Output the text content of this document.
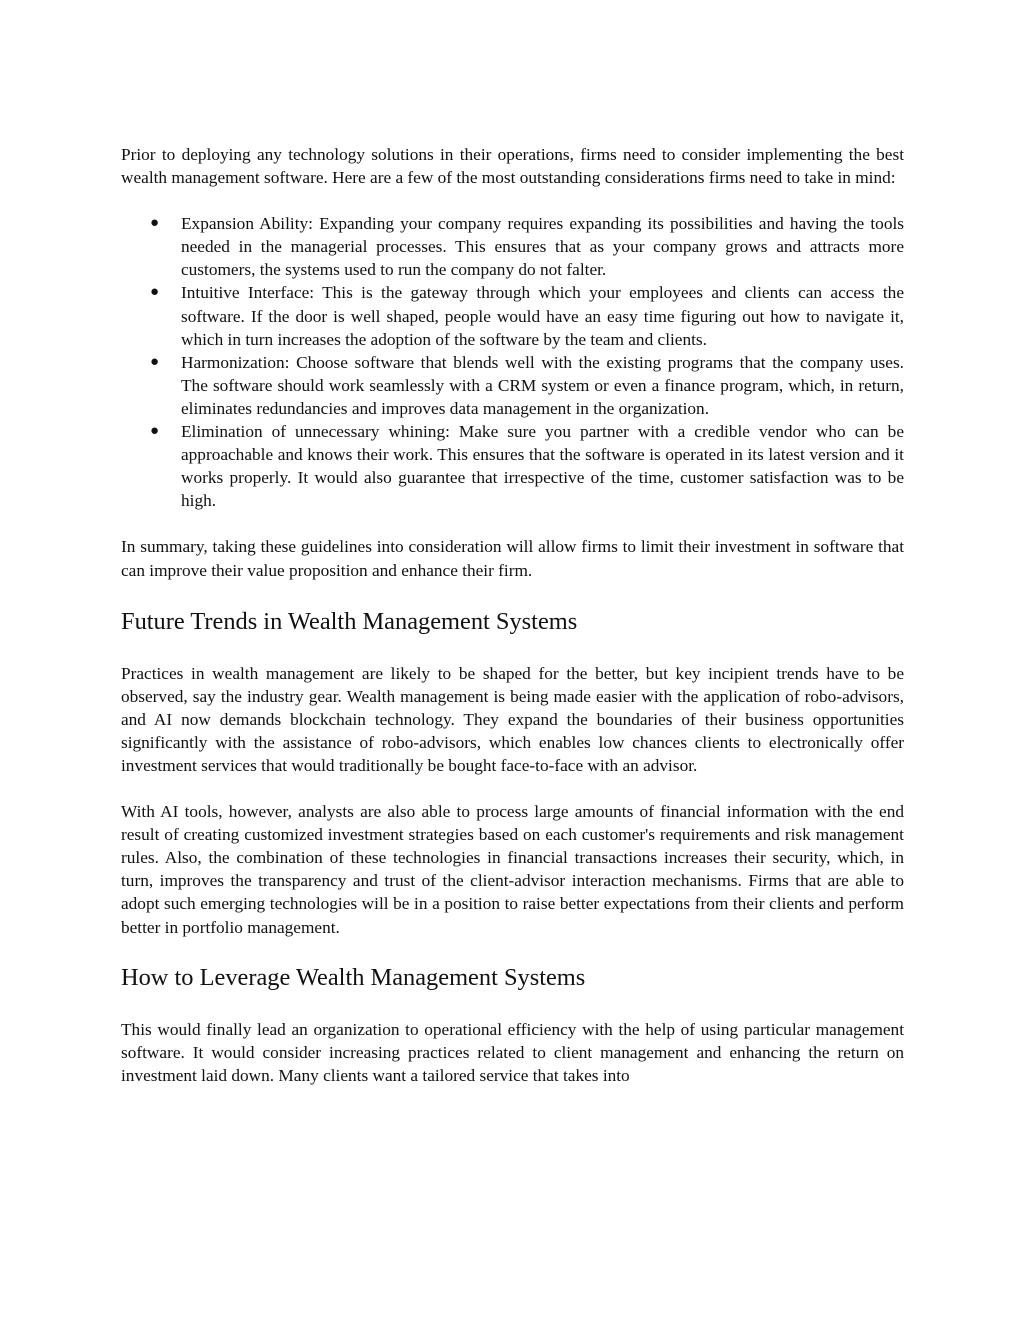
Prior to deploying any technology solutions in their operations, firms need to consider implementing the best wealth management software. Here are a few of the most outstanding considerations firms need to take in mind:

● Expansion Ability: Expanding your company requires expanding its possibilities and having the tools needed in the managerial processes. This ensures that as your company grows and attracts more customers, the systems used to run the company do not falter.
● Intuitive Interface: This is the gateway through which your employees and clients can access the software. If the door is well shaped, people would have an easy time figuring out how to navigate it, which in turn increases the adoption of the software by the team and clients.
● Harmonization: Choose software that blends well with the existing programs that the company uses. The software should work seamlessly with a CRM system or even a finance program, which, in return, eliminates redundancies and improves data management in the organization.
● Elimination of unnecessary whining: Make sure you partner with a credible vendor who can be approachable and knows their work. This ensures that the software is operated in its latest version and it works properly. It would also guarantee that irrespective of the time, customer satisfaction was to be high.

In summary, taking these guidelines into consideration will allow firms to limit their investment in software that can improve their value proposition and enhance their firm.

Future Trends in Wealth Management Systems

Practices in wealth management are likely to be shaped for the better, but key incipient trends have to be observed, say the industry gear. Wealth management is being made easier with the application of robo-advisors, and AI now demands blockchain technology. They expand the boundaries of their business opportunities significantly with the assistance of robo-advisors, which enables low chances clients to electronically offer investment services that would traditionally be bought face-to-face with an advisor.

With AI tools, however, analysts are also able to process large amounts of financial information with the end result of creating customized investment strategies based on each customer's requirements and risk management rules. Also, the combination of these technologies in financial transactions increases their security, which, in turn, improves the transparency and trust of the client-advisor interaction mechanisms. Firms that are able to adopt such emerging technologies will be in a position to raise better expectations from their clients and perform better in portfolio management.

How to Leverage Wealth Management Systems

This would finally lead an organization to operational efficiency with the help of using particular management software. It would consider increasing practices related to client management and enhancing the return on investment laid down. Many clients want a tailored service that takes into
